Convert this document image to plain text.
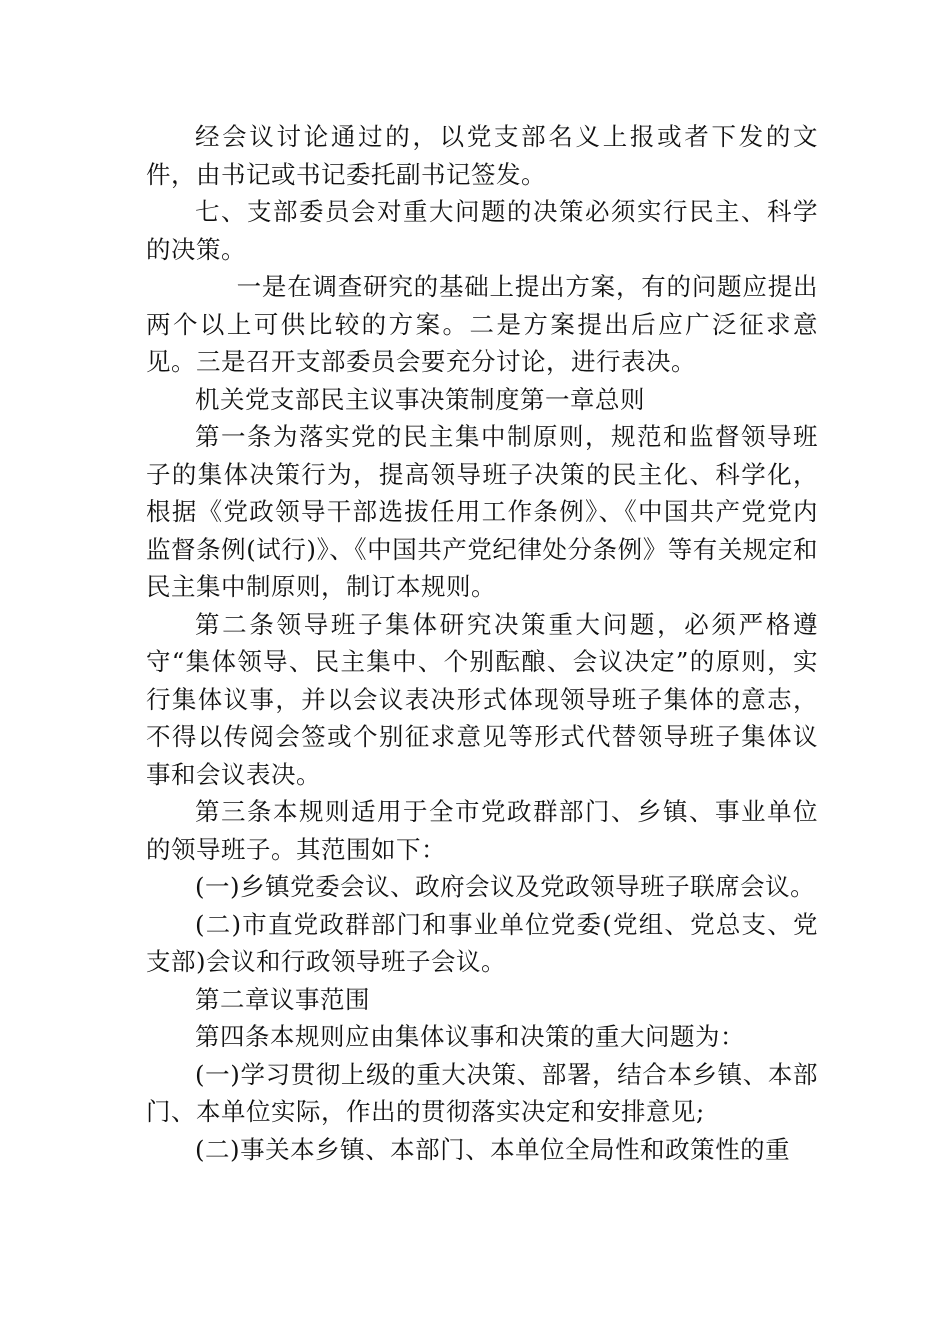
经会议讨论通过的，以党支部名义上报或者下发的文件，由书记或书记委托副书记签发。

七、支部委员会对重大问题的决策必须实行民主、科学的决策。

一是在调查研究的基础上提出方案，有的问题应提出两个以上可供比较的方案。二是方案提出后应广泛征求意见。三是召开支部委员会要充分讨论，进行表决。

机关党支部民主议事决策制度第一章总则

第一条为落实党的民主集中制原则，规范和监督领导班子的集体决策行为，提高领导班子决策的民主化、科学化，根据《党政领导干部选拔任用工作条例》、《中国共产党党内监督条例(试行)》、《中国共产党纪律处分条例》等有关规定和民主集中制原则，制订本规则。

第二条领导班子集体研究决策重大问题，必须严格遵守“集体领导、民主集中、个别酝酿、会议决定”的原则，实行集体议事，并以会议表决形式体现领导班子集体的意志，不得以传阅会签或个别征求意见等形式代替领导班子集体议事和会议表决。

第三条本规则适用于全市党政群部门、乡镇、事业单位的领导班子。其范围如下：

(一)乡镇党委会议、政府会议及党政领导班子联席会议。

(二)市直党政群部门和事业单位党委(党组、党总支、党支部)会议和行政领导班子会议。

第二章议事范围

第四条本规则应由集体议事和决策的重大问题为：

(一)学习贯彻上级的重大决策、部署，结合本乡镇、本部门、本单位实际，作出的贯彻落实决定和安排意见;

(二)事关本乡镇、本部门、本单位全局性和政策性的重
